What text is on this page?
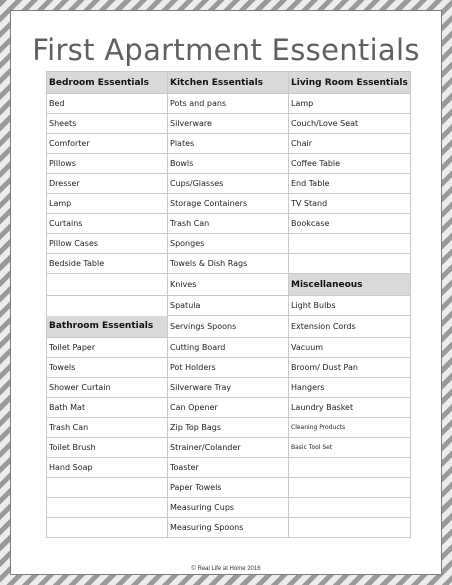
First Apartment Essentials
Bedroom Essentials	Kitchen Essentials	Living Room Essentials
Bed	Pots and pans	Lamp
Sheets	Silverware	Couch/Love Seat
Comforter	Plates	Chair
Pillows	Bowls	Coffee Table
Dresser	Cups/Glasses	End Table
Lamp	Storage Containers	TV Stand
Curtains	Trash Can	Bookcase
Pillow Cases	Sponges	
Bedside Table	Towels & Dish Rags	
	Knives	Miscellaneous
	Spatula	Light Bulbs
Bathroom Essentials	Servings Spoons	Extension Cords
Toilet Paper	Cutting Board	Vacuum
Towels	Pot Holders	Broom/ Dust Pan
Shower Curtain	Silverware Tray	Hangers
Bath Mat	Can Opener	Laundry Basket
Trash Can	Zip Top Bags	Cleaning Products
Toilet Brush	Strainer/Colander	Basic Tool Set
Hand Soap	Toaster	
	Paper Towels	
	Measuring Cups	
	Measuring Spoons	
© Real Life at Home 2016
